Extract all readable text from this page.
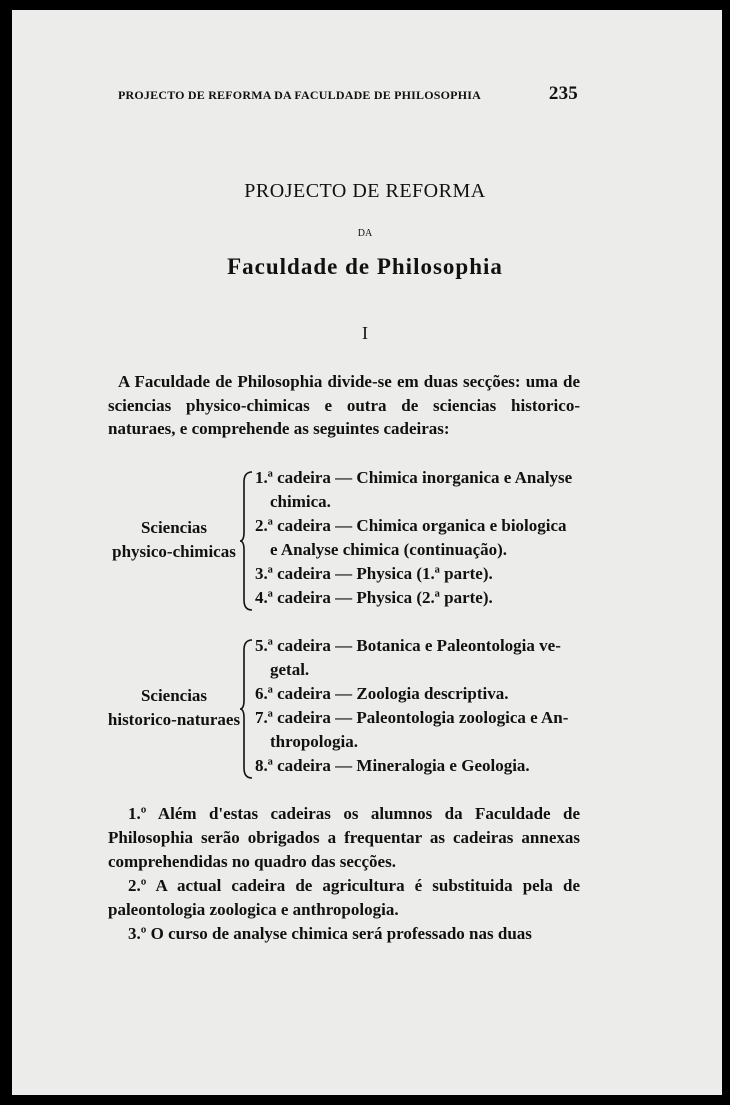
PROJECTO DE REFORMA DA FACULDADE DE PHILOSOPHIA	235
PROJECTO DE REFORMA
DA
Faculdade de Philosophia
I
A Faculdade de Philosophia divide-se em duas secções: uma de sciencias physico-chimicas e outra de sciencias historico-naturaes, e comprehende as seguintes cadeiras:
Sciencias
physico-chimicas
1.ª cadeira — Chimica inorganica e Analyse
chimica.
2.ª cadeira — Chimica organica e biologica
e Analyse chimica (continuação).
3.ª cadeira — Physica (1.ª parte).
4.ª cadeira — Physica (2.ª parte).
Sciencias
historico-naturaes
5.ª cadeira — Botanica e Paleontologia ve-
getal.
6.ª cadeira — Zoologia descriptiva.
7.ª cadeira — Paleontologia zoologica e An-
thropologia.
8.ª cadeira — Mineralogia e Geologia.
1.º Além d'estas cadeiras os alumnos da Faculdade de Philosophia serão obrigados a frequentar as cadeiras annexas comprehendidas no quadro das secções.
2.º A actual cadeira de agricultura é substituida pela de paleontologia zoologica e anthropologia.
3.º O curso de analyse chimica será professado nas duas
